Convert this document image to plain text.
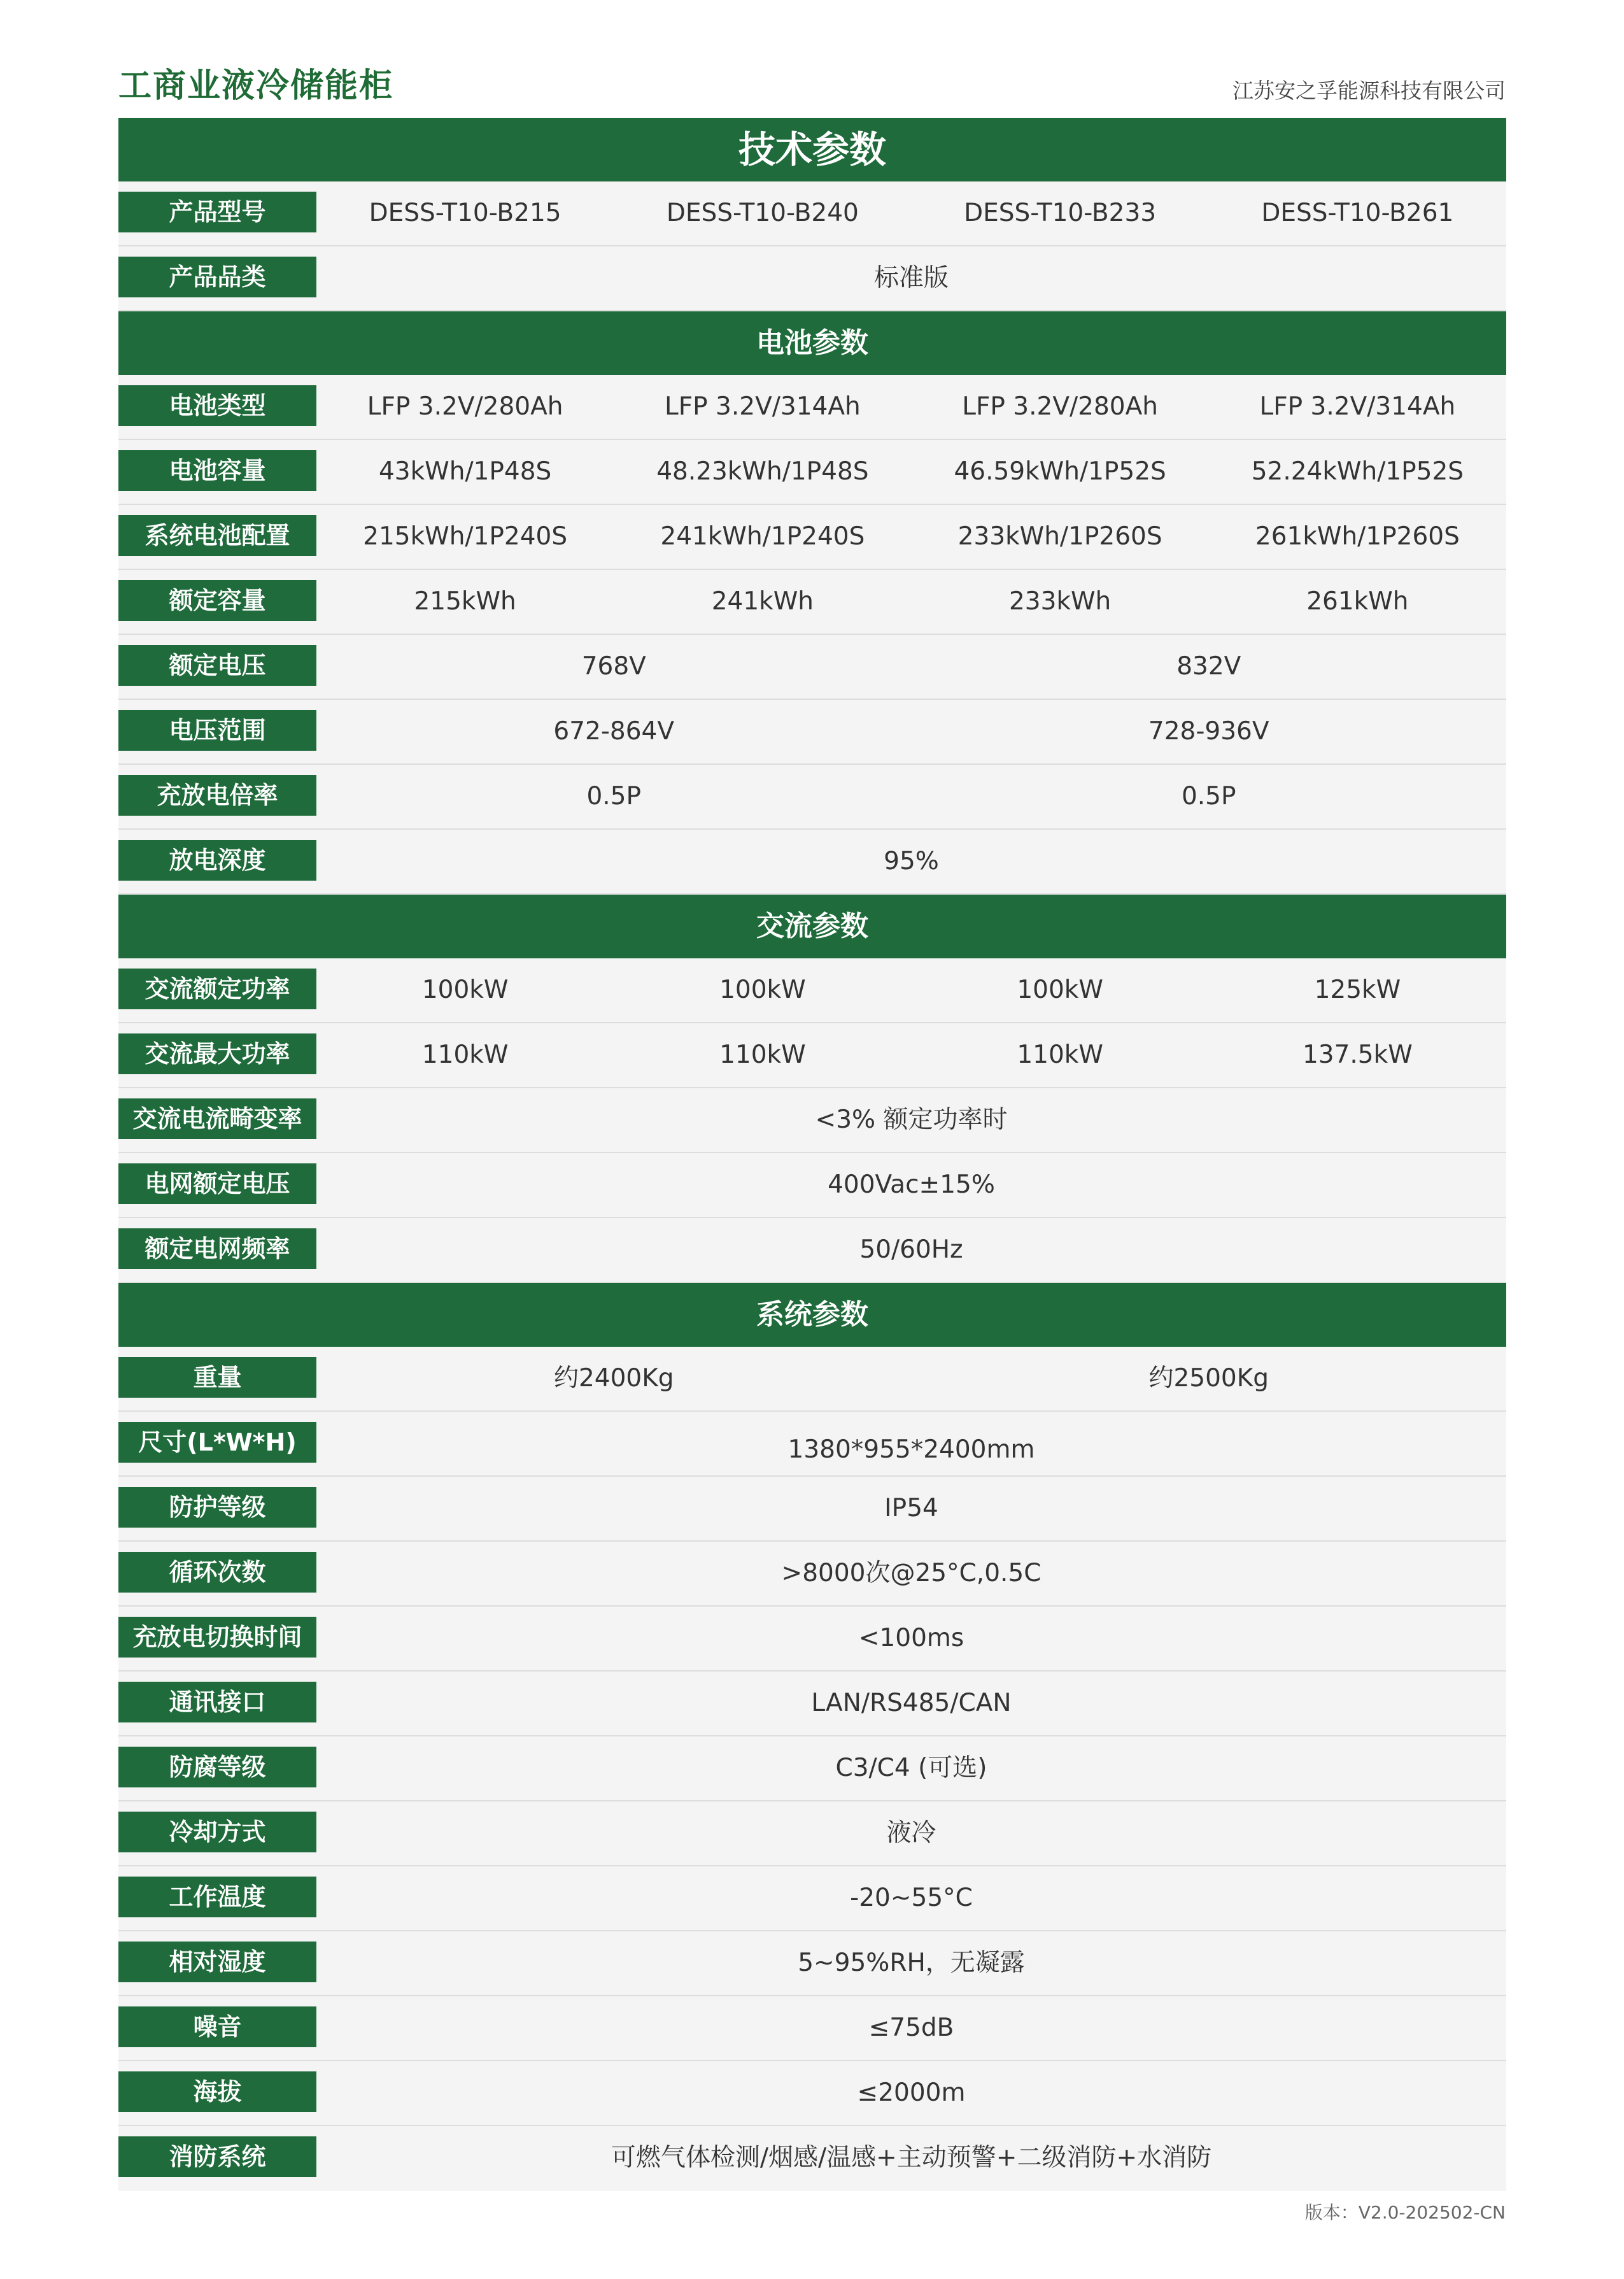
工商业液冷储能柜	江苏安之孚能源科技有限公司
技术参数
产品型号	DESS-T10-B215	DESS-T10-B240	DESS-T10-B233	DESS-T10-B261
产品品类	标准版
电池参数
电池类型	LFP 3.2V/280Ah	LFP 3.2V/314Ah	LFP 3.2V/280Ah	LFP 3.2V/314Ah
电池容量	43kWh/1P48S	48.23kWh/1P48S	46.59kWh/1P52S	52.24kWh/1P52S
系统电池配置	215kWh/1P240S	241kWh/1P240S	233kWh/1P260S	261kWh/1P260S
额定容量	215kWh	241kWh	233kWh	261kWh
额定电压	768V	832V
电压范围	672-864V	728-936V
充放电倍率	0.5P	0.5P
放电深度	95%
交流参数
交流额定功率	100kW	100kW	100kW	125kW
交流最大功率	110kW	110kW	110kW	137.5kW
交流电流畸变率	<3% 额定功率时
电网额定电压	400Vac±15%
额定电网频率	50/60Hz
系统参数
重量	约2400Kg	约2500Kg
尺寸(L*W*H)	1380*955*2400mm
防护等级	IP54
循环次数	>8000次@25°C,0.5C
充放电切换时间	<100ms
通讯接口	LAN/RS485/CAN
防腐等级	C3/C4 (可选)
冷却方式	液冷
工作温度	-20~55°C
相对湿度	5~95%RH，无凝露
噪音	≤75dB
海拔	≤2000m
消防系统	可燃气体检测/烟感/温感+主动预警+二级消防+水消防
版本：V2.0-202502-CN
